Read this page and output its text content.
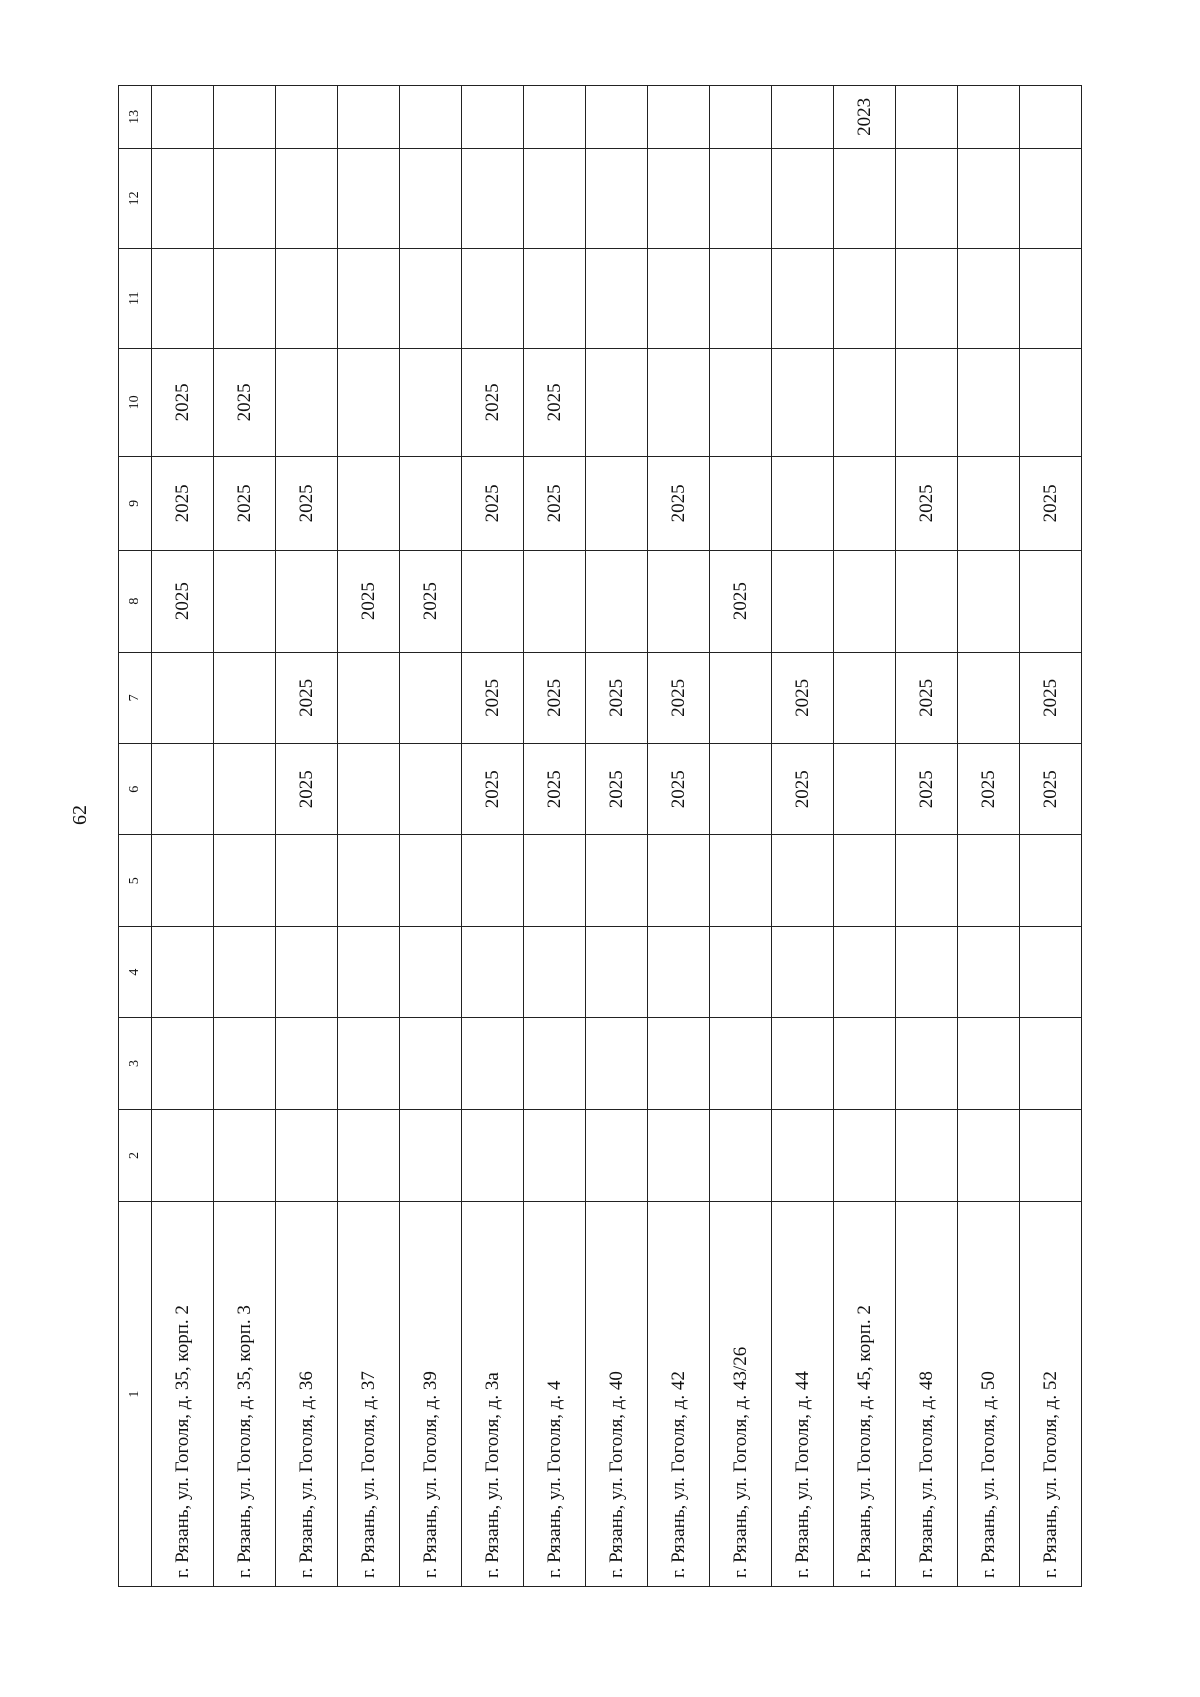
62
1	2	3	4	5	6	7	8	9	10	11	12	13
г. Рязань, ул. Гоголя, д. 35, корп. 2							2025	2025	2025			
г. Рязань, ул. Гоголя, д. 35, корп. 3								2025	2025			
г. Рязань, ул. Гоголя, д. 36					2025	2025		2025				
г. Рязань, ул. Гоголя, д. 37							2025					
г. Рязань, ул. Гоголя, д. 39							2025					
г. Рязань, ул. Гоголя, д. 3а					2025	2025		2025	2025			
г. Рязань, ул. Гоголя, д. 4					2025	2025		2025	2025			
г. Рязань, ул. Гоголя, д. 40					2025	2025						
г. Рязань, ул. Гоголя, д. 42					2025	2025		2025				
г. Рязань, ул. Гоголя, д. 43/26							2025					
г. Рязань, ул. Гоголя, д. 44					2025	2025						
г. Рязань, ул. Гоголя, д. 45, корп. 2												2023
г. Рязань, ул. Гоголя, д. 48					2025	2025		2025				
г. Рязань, ул. Гоголя, д. 50					2025							
г. Рязань, ул. Гоголя, д. 52					2025	2025		2025				
